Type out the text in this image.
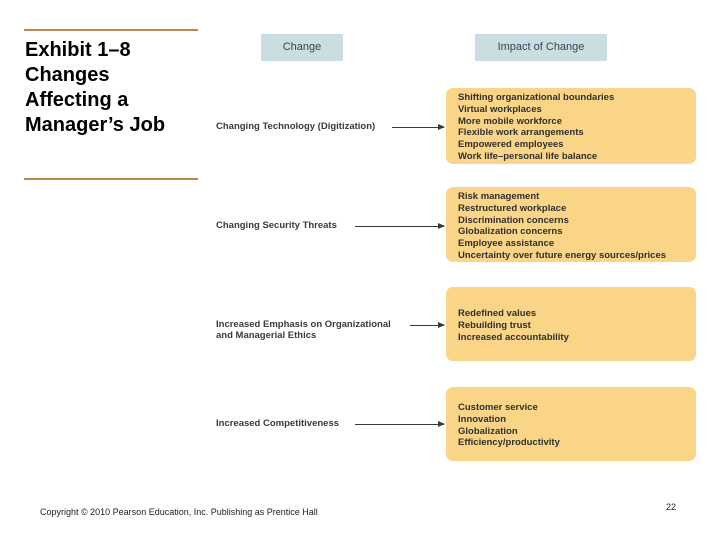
Exhibit 1–8
Changes
Affecting a
Manager’s Job
Change	Impact of Change
Changing Technology (Digitization)
Shifting organizational boundaries
Virtual workplaces
More mobile workforce
Flexible work arrangements
Empowered employees
Work life–personal life balance
Changing Security Threats
Risk management
Restructured workplace
Discrimination concerns
Globalization concerns
Employee assistance
Uncertainty over future energy sources/prices
Increased Emphasis on Organizational
and Managerial Ethics
Redefined values
Rebuilding trust
Increased accountability
Increased Competitiveness
Customer service
Innovation
Globalization
Efficiency/productivity
Copyright © 2010 Pearson Education, Inc. Publishing as Prentice Hall	22
